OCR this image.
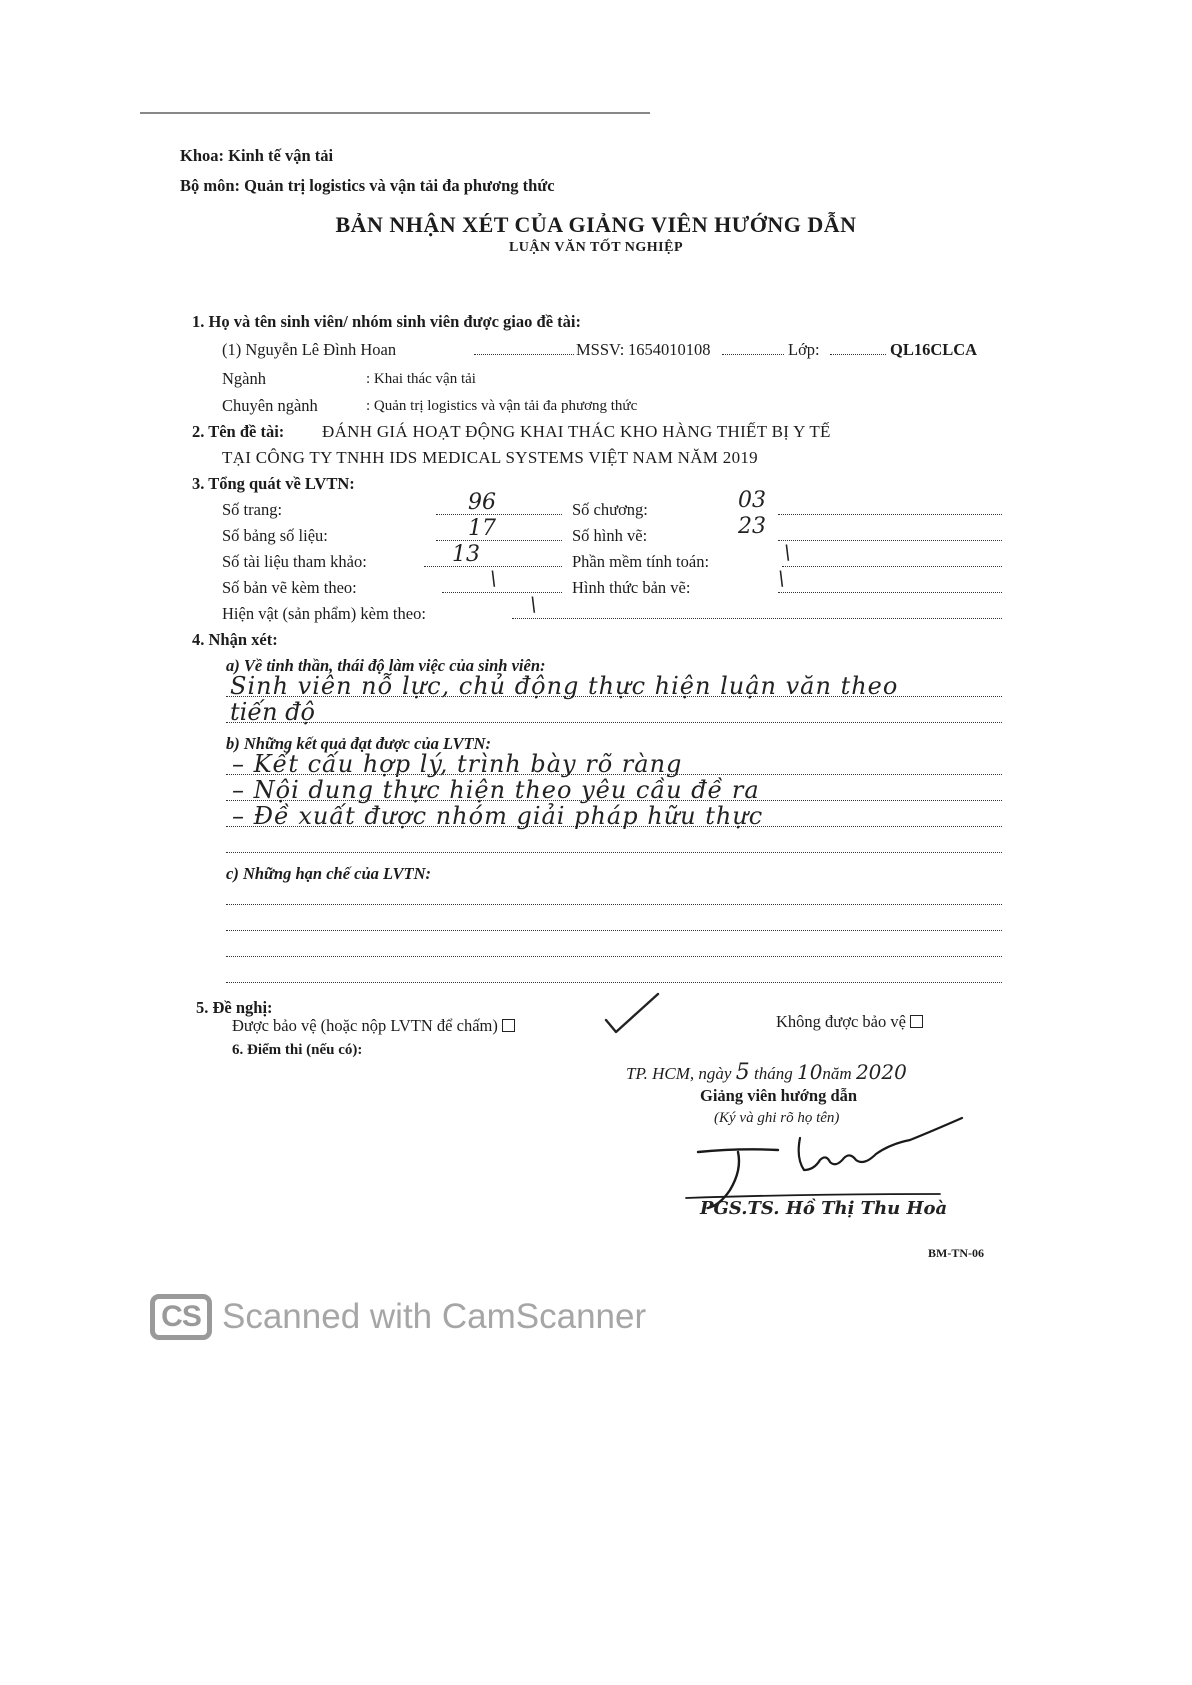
Khoa: Kinh tế vận tải
Bộ môn: Quản trị logistics và vận tải đa phương thức
BẢN NHẬN XÉT CỦA GIẢNG VIÊN HƯỚNG DẪN
LUẬN VĂN TỐT NGHIỆP
1. Họ và tên sinh viên/ nhóm sinh viên được giao đề tài:
(1) Nguyễn Lê Đình Hoan	MSSV: 1654010108	Lớp:	QL16CLCA
Ngành	: Khai thác vận tải
Chuyên ngành	: Quản trị logistics và vận tải đa phương thức
2. Tên đề tài: ĐÁNH GIÁ HOẠT ĐỘNG KHAI THÁC KHO HÀNG THIẾT BỊ Y TẾ
TẠI CÔNG TY TNHH IDS MEDICAL SYSTEMS VIỆT NAM NĂM 2019
3. Tổng quát về LVTN:
Số trang:	96	Số chương:	03
Số bảng số liệu:	17	Số hình vẽ:	23
Số tài liệu tham khảo:	13	Phần mềm tính toán:	\
Số bản vẽ kèm theo:	\	Hình thức bản vẽ:	\
Hiện vật (sản phẩm) kèm theo:	\
4. Nhận xét:
a) Về tinh thần, thái độ làm việc của sinh viên:
Sinh viên nỗ lực, chủ động thực hiện luận văn theo
tiến độ
b) Những kết quả đạt được của LVTN:
– Kết cấu hợp lý, trình bày rõ ràng
– Nội dung thực hiện theo yêu cầu đề ra
– Đề xuất được nhóm giải pháp hữu thực
c) Những hạn chế của LVTN:
5. Đề nghị:
Được bảo vệ (hoặc nộp LVTN để chấm)	Không được bảo vệ
6. Điểm thi (nếu có):
TP. HCM, ngày 5 tháng 10năm 2020
Giảng viên hướng dẫn
(Ký và ghi rõ họ tên)
PGS.TS. Hồ Thị Thu Hoà
BM-TN-06
CS Scanned with CamScanner
